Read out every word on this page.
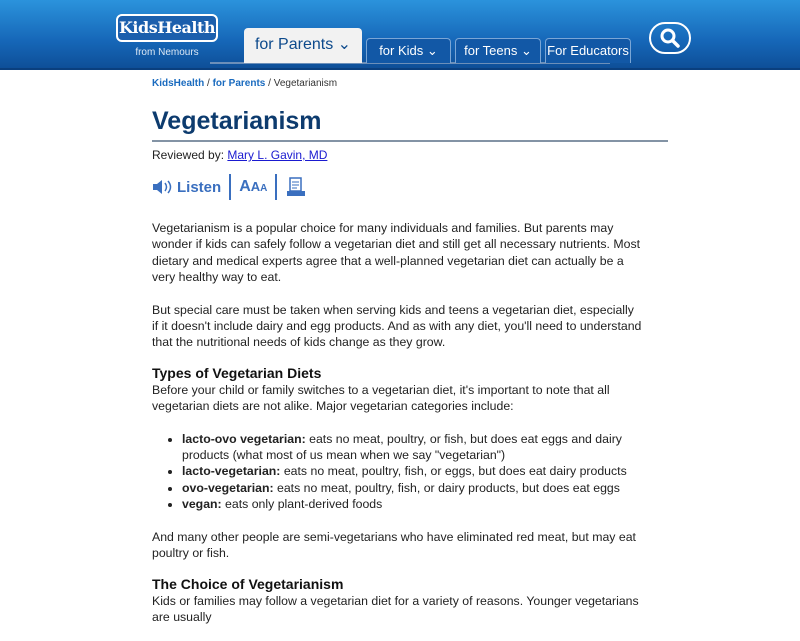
KidsHealth
from Nemours	for Parents ⌄	for Kids ⌄	for Teens ⌄	For Educators
KidsHealth / for Parents / Vegetarianism
Vegetarianism
Reviewed by: Mary L. Gavin, MD
Listen A A A

Vegetarianism is a popular choice for many individuals and families. But parents may wonder if kids can safely follow a vegetarian diet and still get all necessary nutrients. Most dietary and medical experts agree that a well-planned vegetarian diet can actually be a very healthy way to eat.

But special care must be taken when serving kids and teens a vegetarian diet, especially if it doesn't include dairy and egg products. And as with any diet, you'll need to understand that the nutritional needs of kids change as they grow.

Types of Vegetarian Diets

Before your child or family switches to a vegetarian diet, it's important to note that all vegetarian diets are not alike. Major vegetarian categories include:

• lacto-ovo vegetarian: eats no meat, poultry, or fish, but does eat eggs and dairy products (what most of us mean when we say "vegetarian")
• lacto-vegetarian: eats no meat, poultry, fish, or eggs, but does eat dairy products
• ovo-vegetarian: eats no meat, poultry, fish, or dairy products, but does eat eggs
• vegan: eats only plant-derived foods

And many other people are semi-vegetarians who have eliminated red meat, but may eat poultry or fish.

The Choice of Vegetarianism

Kids or families may follow a vegetarian diet for a variety of reasons. Younger vegetarians are usually
